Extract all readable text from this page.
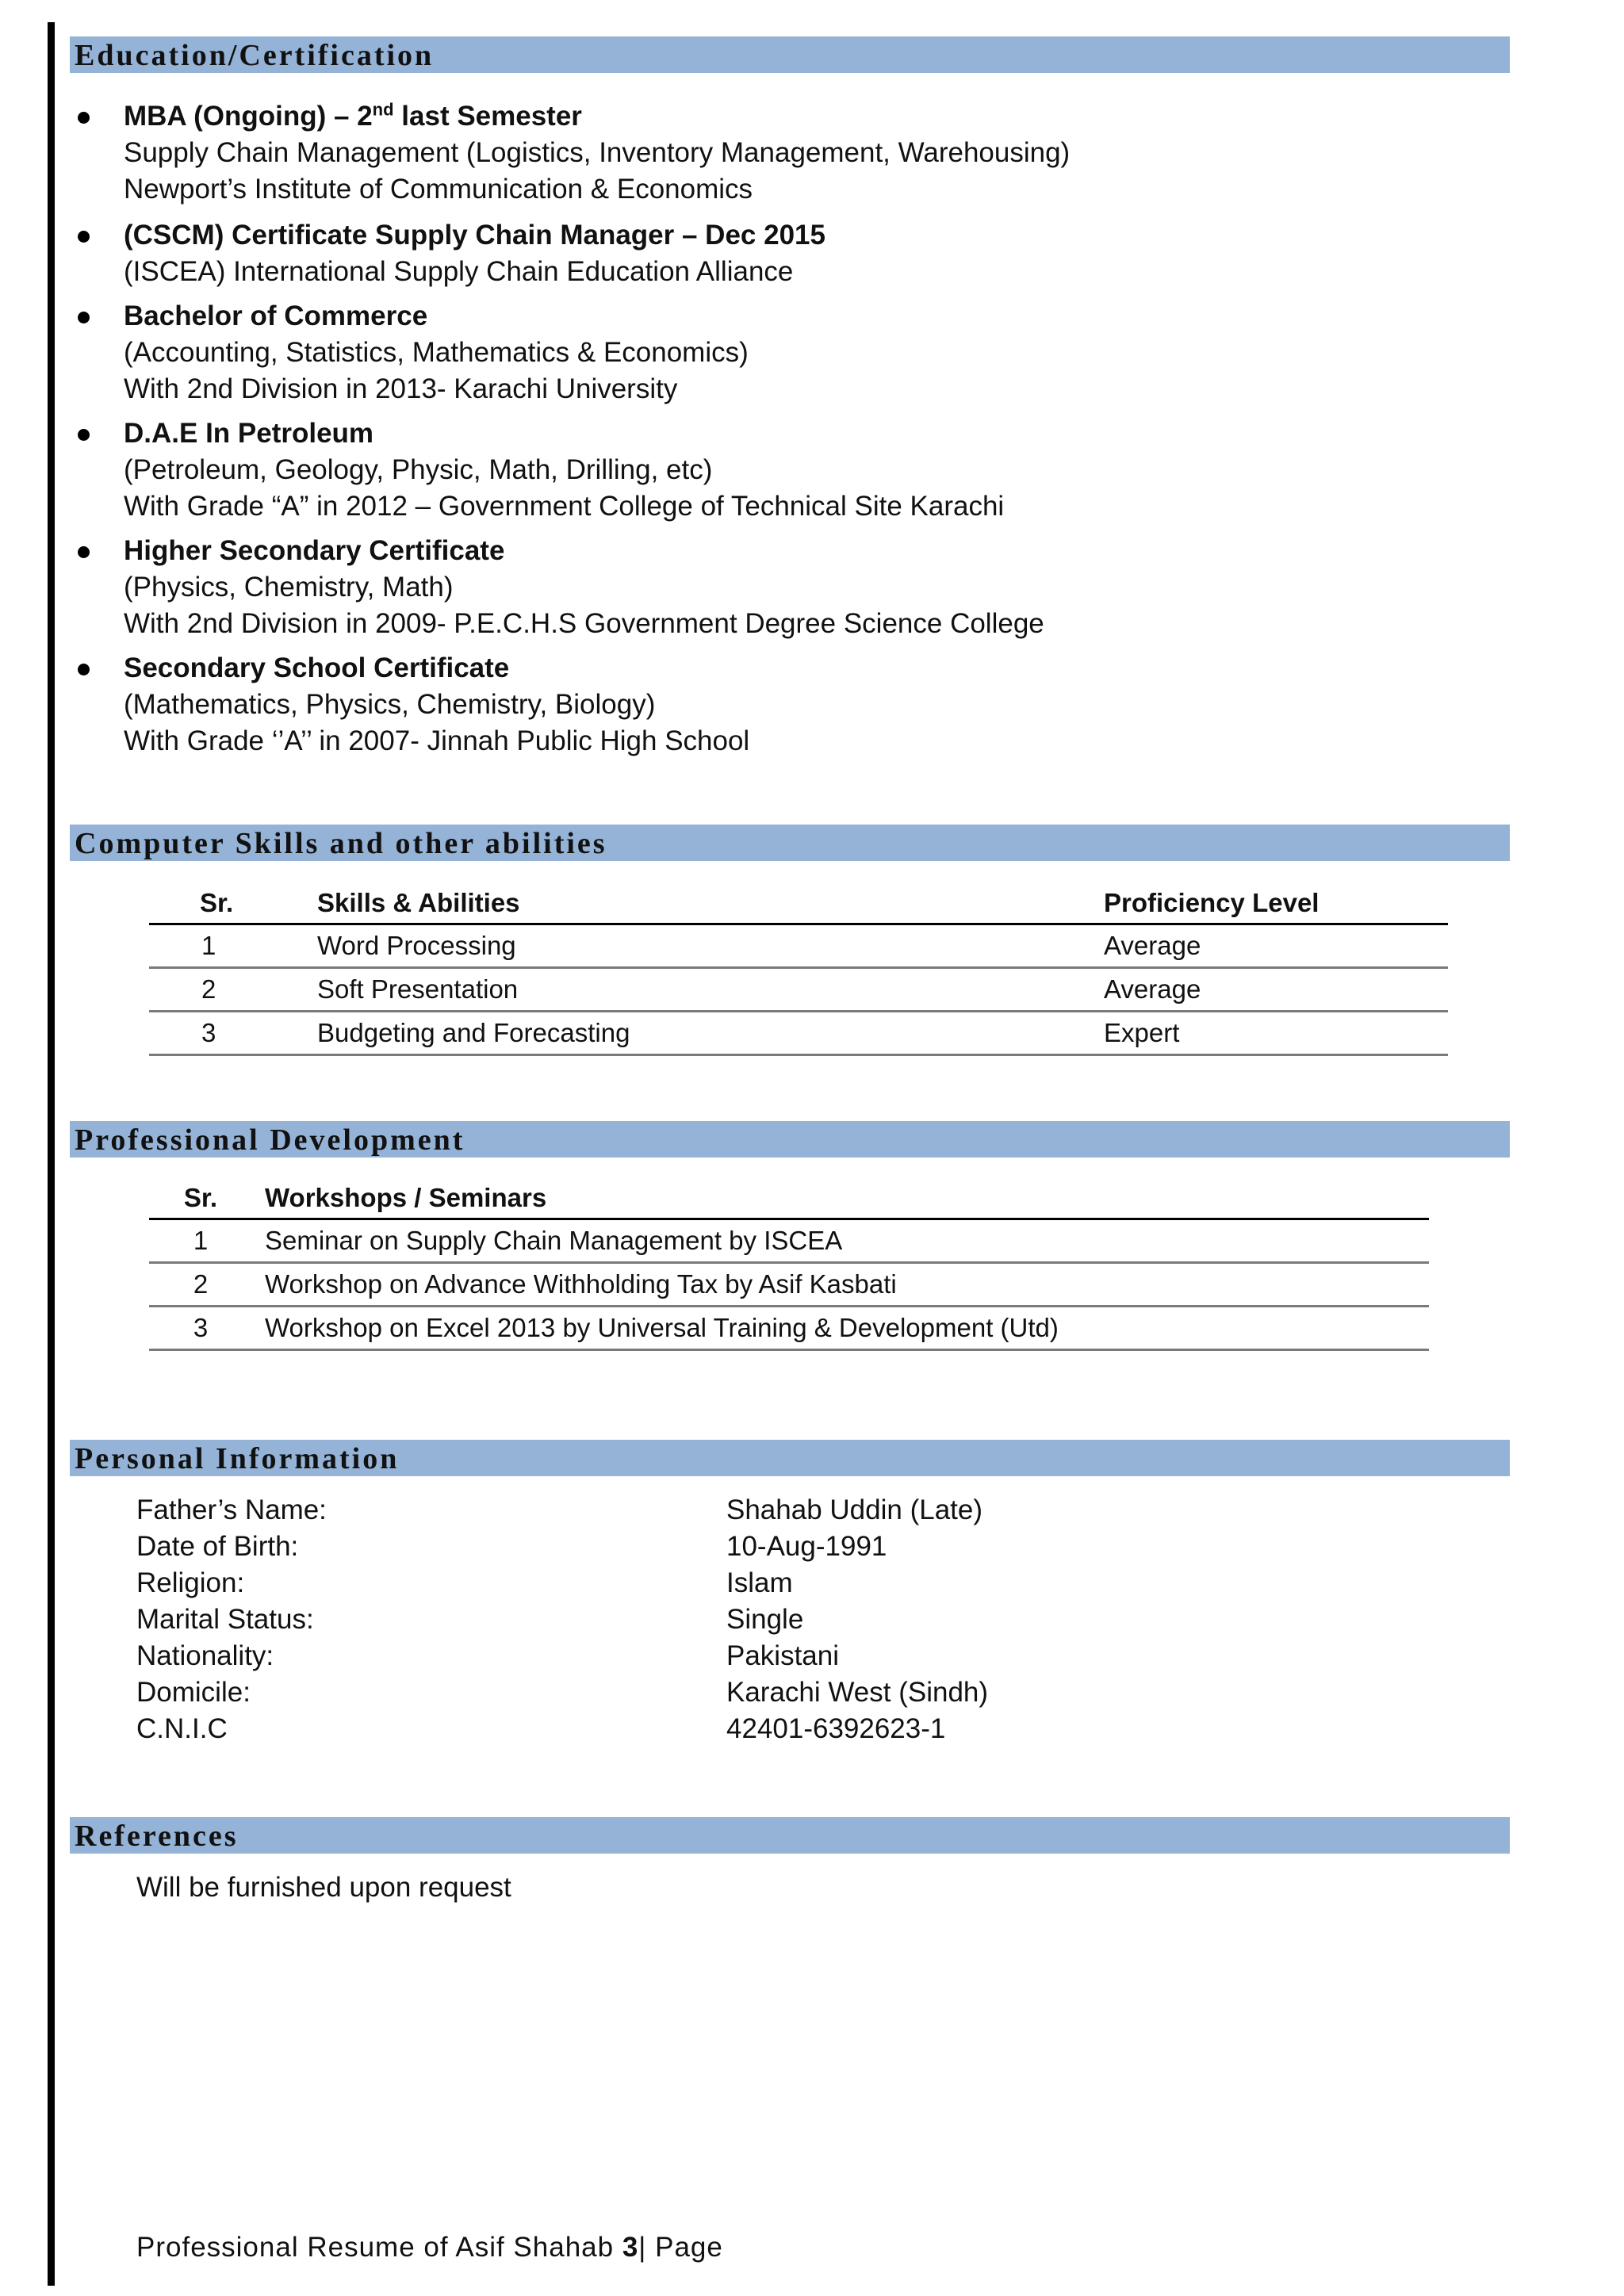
Education/Certification
MBA (Ongoing) – 2nd last Semester
Supply Chain Management (Logistics, Inventory Management, Warehousing)
Newport’s Institute of Communication & Economics
(CSCM) Certificate Supply Chain Manager – Dec 2015
(ISCEA) International Supply Chain Education Alliance
Bachelor of Commerce
(Accounting, Statistics, Mathematics & Economics)
With 2nd Division in 2013- Karachi University
D.A.E In Petroleum
(Petroleum, Geology, Physic, Math, Drilling, etc)
With Grade “A” in 2012 – Government College of Technical Site Karachi
Higher Secondary Certificate
(Physics, Chemistry, Math)
With 2nd Division in 2009- P.E.C.H.S Government Degree Science College
Secondary School Certificate
(Mathematics, Physics, Chemistry, Biology)
With Grade ‘’A’’ in 2007- Jinnah Public High School
Computer Skills and other abilities
Sr.	Skills & Abilities	Proficiency Level
1	Word Processing	Average
2	Soft Presentation	Average
3	Budgeting and Forecasting	Expert
Professional Development
Sr.	Workshops / Seminars
1	Seminar on Supply Chain Management by ISCEA
2	Workshop on Advance Withholding Tax by Asif Kasbati
3	Workshop on Excel 2013 by Universal Training & Development (Utd)
Personal Information
Father’s Name:	Shahab Uddin (Late)
Date of Birth:	10-Aug-1991
Religion:	Islam
Marital Status:	Single
Nationality:	Pakistani
Domicile:	Karachi West (Sindh)
C.N.I.C	42401-6392623-1
References
Will be furnished upon request
Professional Resume of Asif Shahab 3| Page
